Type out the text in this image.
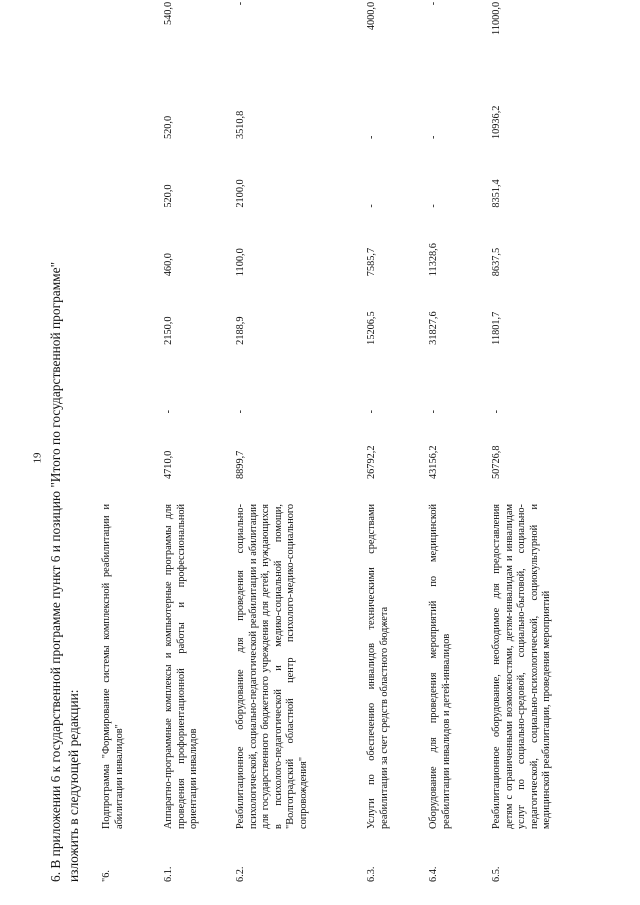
19 6. В приложении 6 к государственной программе пункт 6 и позицию "Итого по государственной программе" изложить в следующей редакции: "6.
Подпрограмма "Формирование системы комплексной реабилитации и абилитации инвалидов"
6.1.
Аппаратно-программные комплексы и компьютерные программы для проведения профориентационной работы и профессиональной ориентации инвалидов
4710,0
-
2150,0
460,0
520,0
520,0
540,0
6.2.
Реабилитационное оборудование для проведения социально-психологической, социально-педагогической реабилитации и абилитации для государственного бюджетного учреждения для детей, нуждающихся в психолого-педагогической и медико-социальной помощи, "Волгоградский областной центр психолого-медико-социального сопровождения"
8899,7
-
2188,9
1100,0
2100,0
3510,8
-
6.3.
Услуги по обеспечению инвалидов техническими средствами реабилитации за счет средств областного бюджета
26792,2
-
15206,5
7585,7
-
-
4000,0
6.4.
Оборудование для проведения мероприятий по медицинской реабилитации инвалидов и детей-инвалидов
43156,2
-
31827,6
11328,6
-
-
-
6.5.
Реабилитационное оборудование, необходимое для предоставления детям с ограниченными возможностями, детям-инвалидам и инвалидам услуг по социально-средовой, социально-бытовой, социально-педагогической, социально-психологической, социокультурной и медицинской реабилитации, проведения мероприятий
50726,8
-
11801,7
8637,5
8351,4
10936,2
11000,0
